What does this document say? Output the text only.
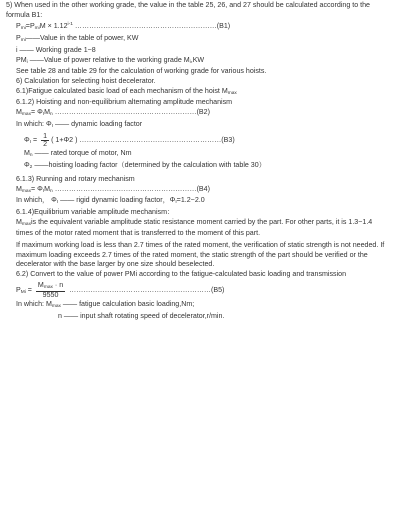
5) When used in the other working grade, the value in the table 25, 26, and 27 should be calculated according to the formula B1:
$P_{mi}=P_{mi}M \times 1.12^{i-1}$ ……………………………………………………(B1)
$P_{mi}——Value$ in the table of power, KW
i —— Working grade 1~8
$PM_i$ ——Value of power relative to the working grade $M_i,KW$
See table 28 and table 29 for the calculation of working grade for various hoists.
6) Calculation for selecting hoist decelerator.
6.1)Fatigue calculated basic load of each mechanism of the hoist $M_{max}$
6.1.2) Hoisting and non-equilibrium alternating amplitude mechanism
$M_{max}= \Phi_IM_n$ ……………………………………………………(B2)
In which: $\Phi_I$ —— dynamic loading factor
$\Phi_I = \frac{1}{2}$ ( 1+Φ2 ) ……………………………………………………(B3)
$M_n$ —— rated torque of motor, Nm
$\Phi_2$ ——hoisting loading factor（determined by the calculation with table 30）
6.1.3) Running and rotary mechanism
$M_{max}= \Phi_IM_n$ ……………………………………………………(B4)
In which， $\Phi_I$ —— rigid dynamic loading factor，$\Phi_I=1.2\sim 2.0$
6.1.4)Equilibrium variable amplitude mechanism：
$M_{max}is$ the equivalent variable amplitude static resistance moment carried by the part. For other parts, it is 1.3~1.4 times of the motor rated moment that is transferred to the moment of this part.
If maximum working load is less than 2.7 times of the rated moment, the verification of static strength is not needed. If maximum loading exceeds 2.7 times of the rated moment, the static strength of the part should be verified or the decelerator with the base larger by one size should beselected.
6.2) Convert to the value of power PMi according to the fatigue-calculated basic loading and transmission
$P_{Mi} = \frac{M_{max} \cdot n}{9550}$ ……………………………………………………(B5)
In which: $M_{max}$ —— fatigue calculation basic loading,Nm;
n —— input shaft rotating speed of decelerator,r/min.
